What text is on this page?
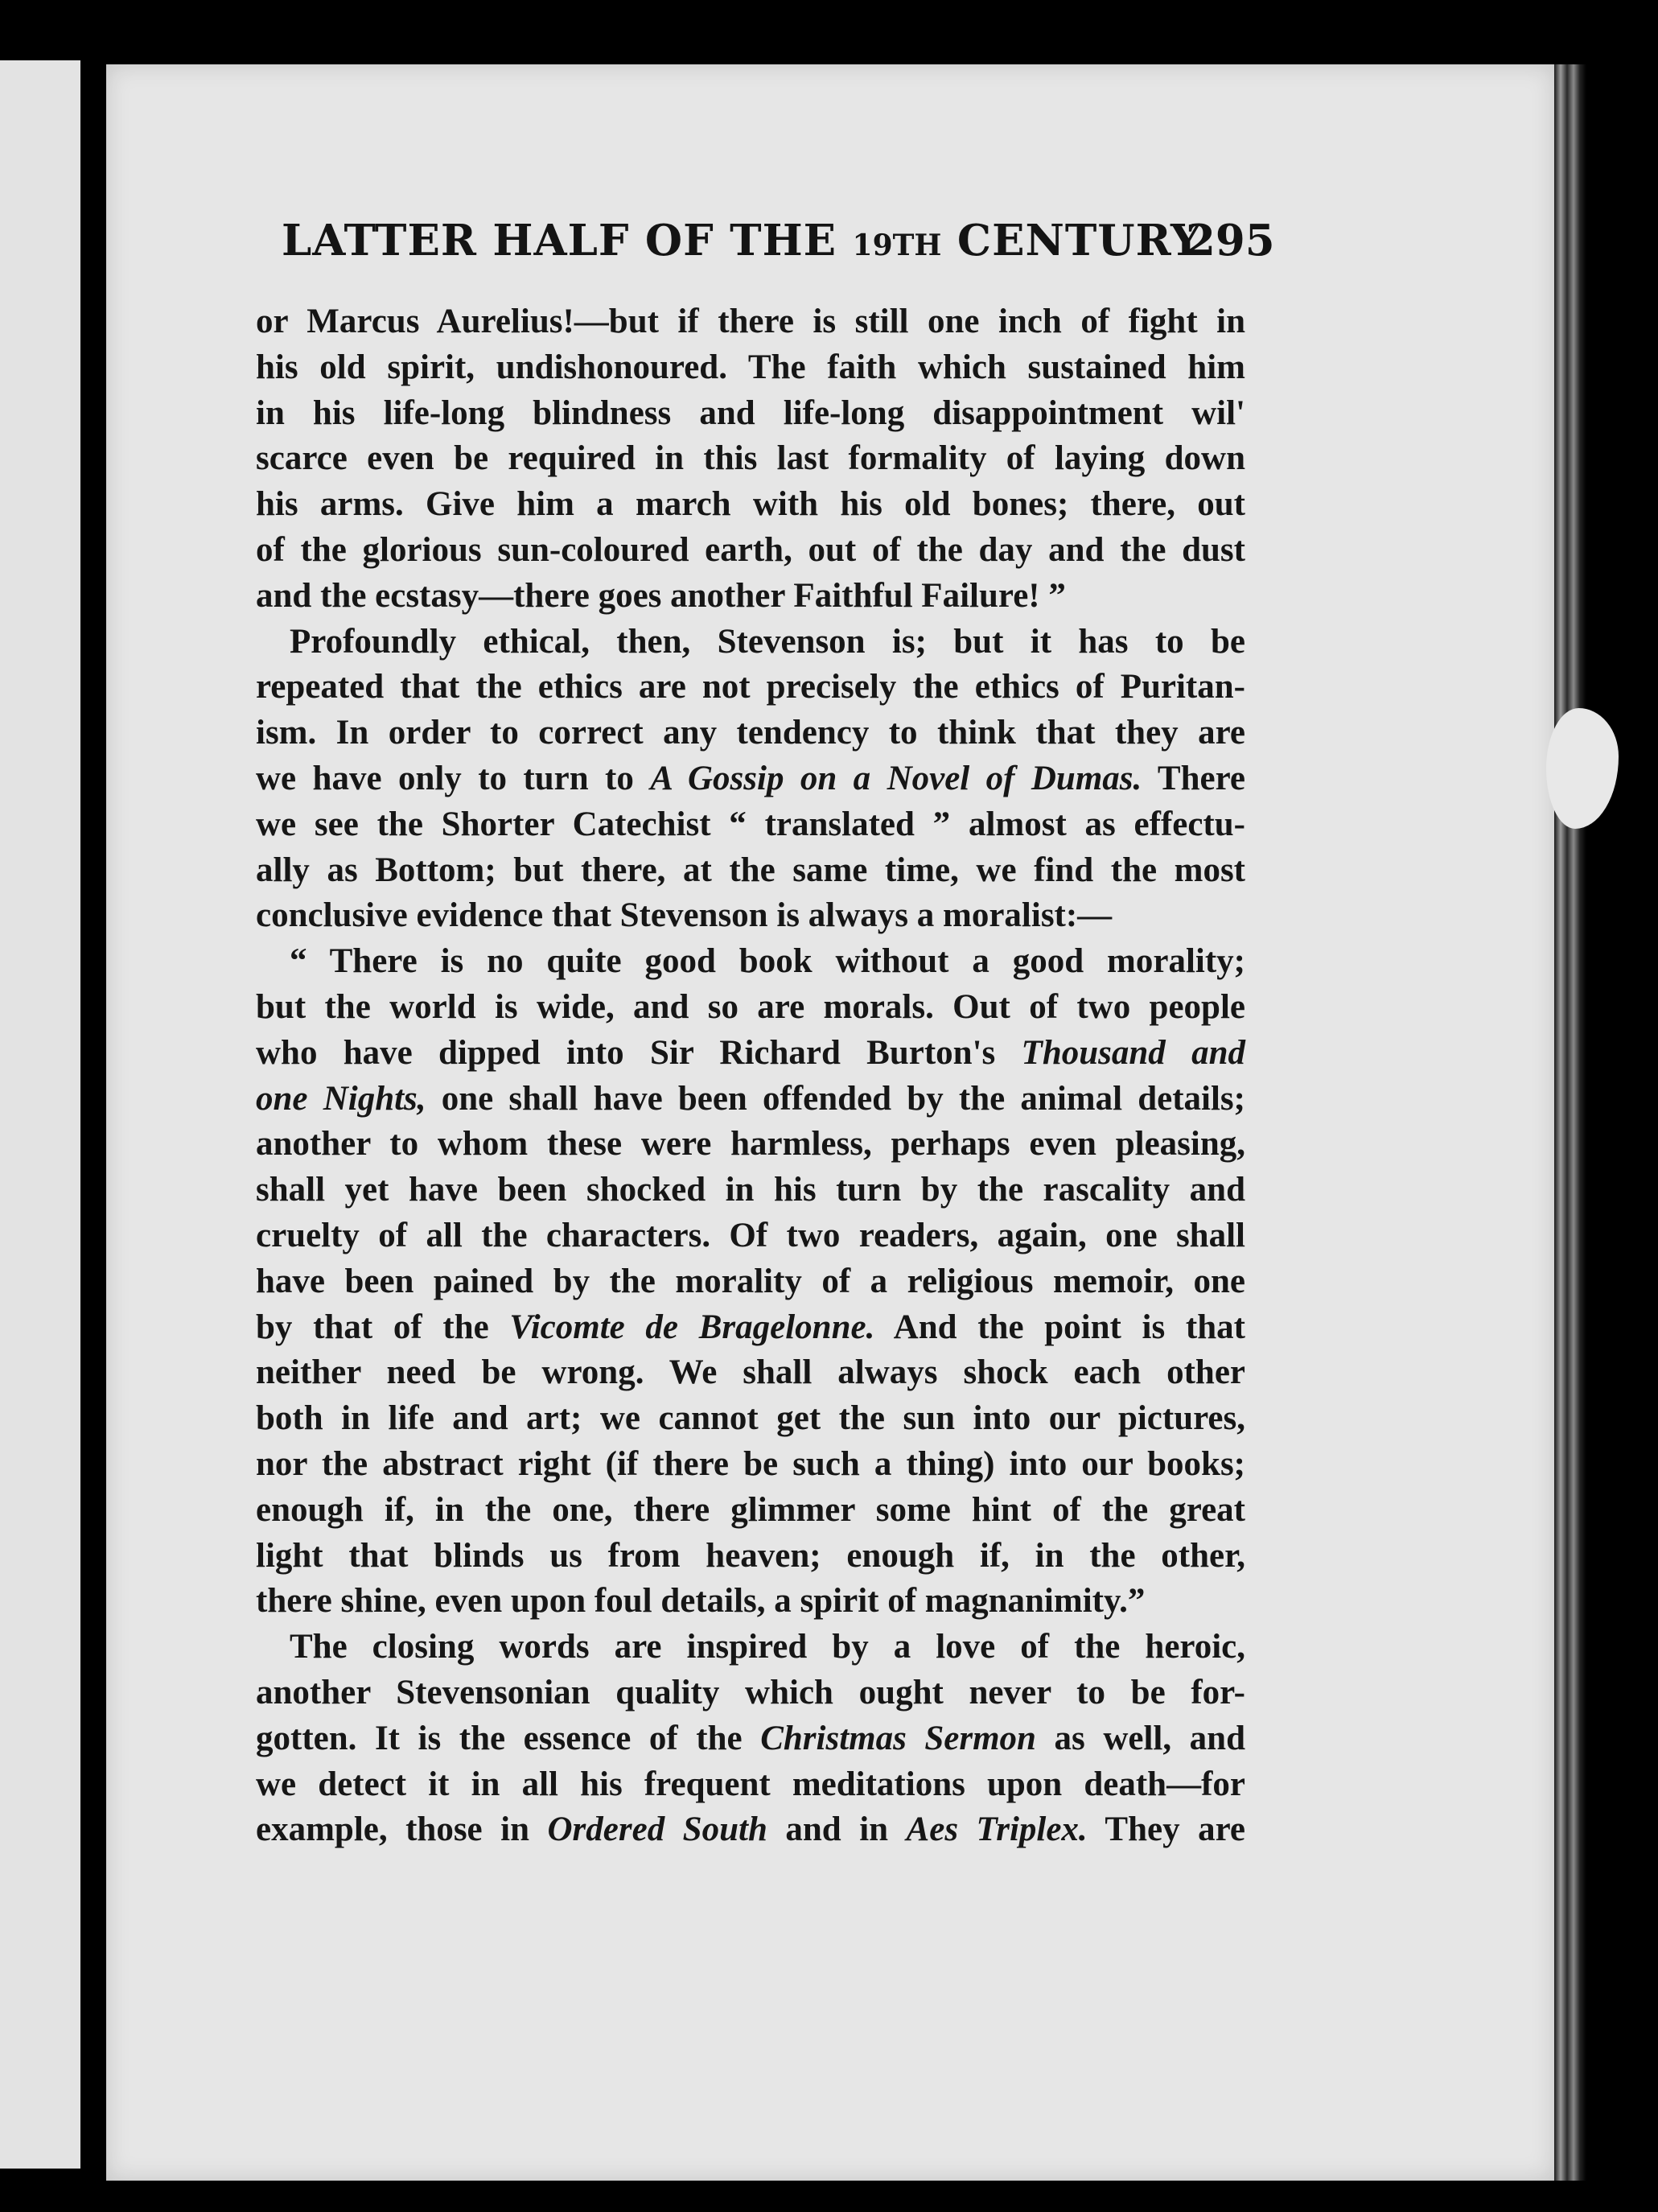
LATTER HALF OF THE 19TH CENTURY
295
or Marcus Aurelius!—but if there is still one inch of fight in
his old spirit, undishonoured. The faith which sustained him
in his life-long blindness and life-long disappointment wil'
scarce even be required in this last formality of laying down
his arms. Give him a march with his old bones; there, out
of the glorious sun-coloured earth, out of the day and the dust
and the ecstasy—there goes another Faithful Failure! ”
Profoundly ethical, then, Stevenson is; but it has to be
repeated that the ethics are not precisely the ethics of Puritan-
ism. In order to correct any tendency to think that they are
we have only to turn to A Gossip on a Novel of Dumas. There
we see the Shorter Catechist “ translated ” almost as effectu-
ally as Bottom; but there, at the same time, we find the most
conclusive evidence that Stevenson is always a moralist:—
“ There is no quite good book without a good morality;
but the world is wide, and so are morals. Out of two people
who have dipped into Sir Richard Burton's Thousand and
one Nights, one shall have been offended by the animal details;
another to whom these were harmless, perhaps even pleasing,
shall yet have been shocked in his turn by the rascality and
cruelty of all the characters. Of two readers, again, one shall
have been pained by the morality of a religious memoir, one
by that of the Vicomte de Bragelonne. And the point is that
neither need be wrong. We shall always shock each other
both in life and art; we cannot get the sun into our pictures,
nor the abstract right (if there be such a thing) into our books;
enough if, in the one, there glimmer some hint of the great
light that blinds us from heaven; enough if, in the other,
there shine, even upon foul details, a spirit of magnanimity.”
The closing words are inspired by a love of the heroic,
another Stevensonian quality which ought never to be for-
gotten. It is the essence of the Christmas Sermon as well, and
we detect it in all his frequent meditations upon death—for
example, those in Ordered South and in Aes Triplex. They are
